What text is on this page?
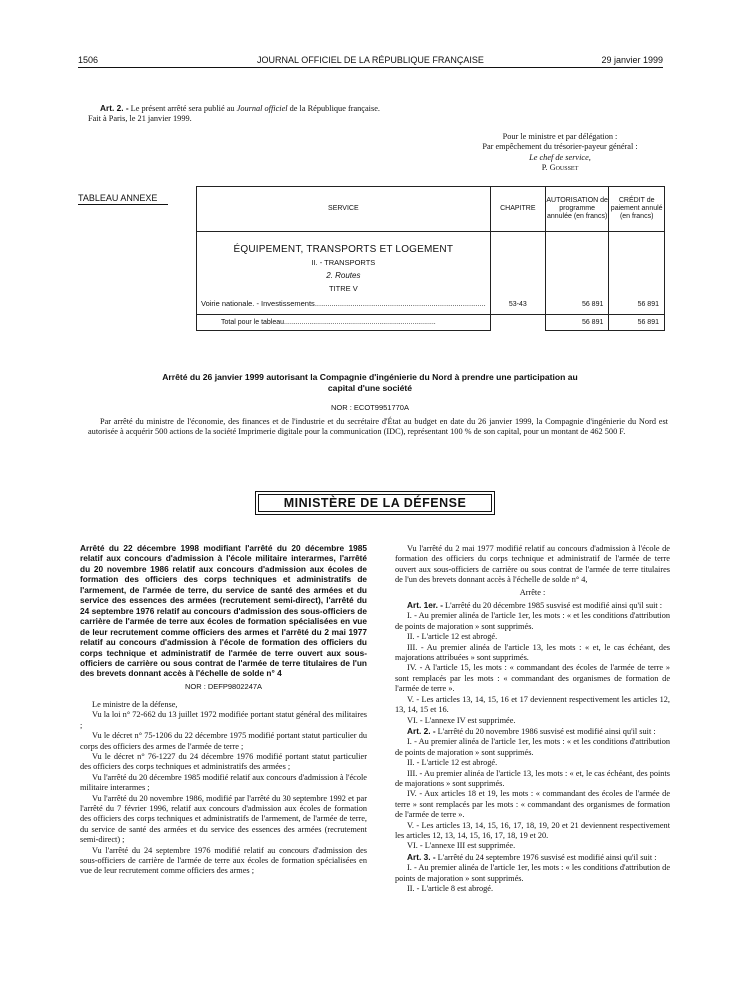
1506	JOURNAL OFFICIEL DE LA RÉPUBLIQUE FRANÇAISE	29 janvier 1999

Art. 2. - Le présent arrêté sera publié au Journal officiel de la République française.

Fait à Paris, le 21 janvier 1999.

Pour le ministre et par délégation :
Par empêchement du trésorier-payeur général :
Le chef de service,
P. Gousset
TABLEAU ANNEXE
SERVICE	CHAPITRE	AUTORISATION de programme annulée (en francs)	CRÉDIT de paiement annulé (en francs)

ÉQUIPEMENT, TRANSPORTS ET LOGEMENT
II. - TRANSPORTS
2. Routes
TITRE V
Voirie nationale. - Investissements..................................................................................	53-43	56 891	56 891
Total pour le tableau..............................................................................		56 891	56 891
Arrêté du 26 janvier 1999 autorisant la Compagnie d'ingénierie du Nord à prendre une participation au capital d'une société
NOR : ECOT9951770A

Par arrêté du ministre de l'économie, des finances et de l'industrie et du secrétaire d'État au budget en date du 26 janvier 1999, la Compagnie d'ingénierie du Nord est autorisée à acquérir 500 actions de la société Imprimerie digitale pour la communication (IDC), représentant 100 % de son capital, pour un montant de 462 500 F.

MINISTÈRE DE LA DÉFENSE

Arrêté du 22 décembre 1998 modifiant l'arrêté du 20 décembre 1985 relatif aux concours d'admission à l'école militaire interarmes, l'arrêté du 20 novembre 1986 relatif aux concours d'admission aux écoles de formation des officiers des corps techniques et administratifs de l'armement, de l'armée de terre, du service de santé des armées et du service des essences des armées (recrutement semi-direct), l'arrêté du 24 septembre 1976 relatif au concours d'admission des sous-officiers de carrière de l'armée de terre aux écoles de formation spécialisées en vue de leur recrutement comme officiers des armes et l'arrêté du 2 mai 1977 relatif au concours d'admission à l'école de formation des officiers du corps technique et administratif de l'armée de terre ouvert aux sous-officiers de carrière ou sous contrat de l'armée de terre titulaires de l'un des brevets donnant accès à l'échelle de solde n° 4

NOR : DEFP9802247A

Le ministre de la défense,

Vu la loi n° 72-662 du 13 juillet 1972 modifiée portant statut général des militaires ;

Vu le décret n° 75-1206 du 22 décembre 1975 modifié portant statut particulier du corps des officiers des armes de l'armée de terre ;

Vu le décret n° 76-1227 du 24 décembre 1976 modifié portant statut particulier des officiers des corps techniques et administratifs des armées ;

Vu l'arrêté du 20 décembre 1985 modifié relatif aux concours d'admission à l'école militaire interarmes ;

Vu l'arrêté du 20 novembre 1986, modifié par l'arrêté du 30 septembre 1992 et par l'arrêté du 7 février 1996, relatif aux concours d'admission aux écoles de formation des officiers des corps techniques et administratifs de l'armement, de l'armée de terre, du service de santé des armées et du service des essences des armées (recrutement semi-direct) ;

Vu l'arrêté du 24 septembre 1976 modifié relatif au concours d'admission des sous-officiers de carrière de l'armée de terre aux écoles de formation spécialisées en vue de leur recrutement comme officiers des armes ;

Vu l'arrêté du 2 mai 1977 modifié relatif au concours d'admission à l'école de formation des officiers du corps technique et administratif de l'armée de terre ouvert aux sous-officiers de carrière ou sous contrat de l'armée de terre titulaires de l'un des brevets donnant accès à l'échelle de solde n° 4,

Arrête :

Art. 1er. - L'arrêté du 20 décembre 1985 susvisé est modifié ainsi qu'il suit :

I. - Au premier alinéa de l'article 1er, les mots : « et les conditions d'attribution de points de majoration » sont supprimés.

II. - L'article 12 est abrogé.

III. - Au premier alinéa de l'article 13, les mots : « et, le cas échéant, des majorations attribuées » sont supprimés.

IV. - A l'article 15, les mots : « commandant des écoles de l'armée de terre » sont remplacés par les mots : « commandant des organismes de formation de l'armée de terre ».

V. - Les articles 13, 14, 15, 16 et 17 deviennent respectivement les articles 12, 13, 14, 15 et 16.

VI. - L'annexe IV est supprimée.

Art. 2. - L'arrêté du 20 novembre 1986 susvisé est modifié ainsi qu'il suit :

I. - Au premier alinéa de l'article 1er, les mots : « et les conditions d'attribution de points de majoration » sont supprimés.

II. - L'article 12 est abrogé.

III. - Au premier alinéa de l'article 13, les mots : « et, le cas échéant, des points de majorations » sont supprimés.

IV. - Aux articles 18 et 19, les mots : « commandant des écoles de l'armée de terre » sont remplacés par les mots : « commandant des organismes de formation de l'armée de terre ».

V. - Les articles 13, 14, 15, 16, 17, 18, 19, 20 et 21 deviennent respectivement les articles 12, 13, 14, 15, 16, 17, 18, 19 et 20.

VI. - L'annexe III est supprimée.

Art. 3. - L'arrêté du 24 septembre 1976 susvisé est modifié ainsi qu'il suit :

I. - Au premier alinéa de l'article 1er, les mots : « les conditions d'attribution de points de majoration » sont supprimés.

II. - L'article 8 est abrogé.
